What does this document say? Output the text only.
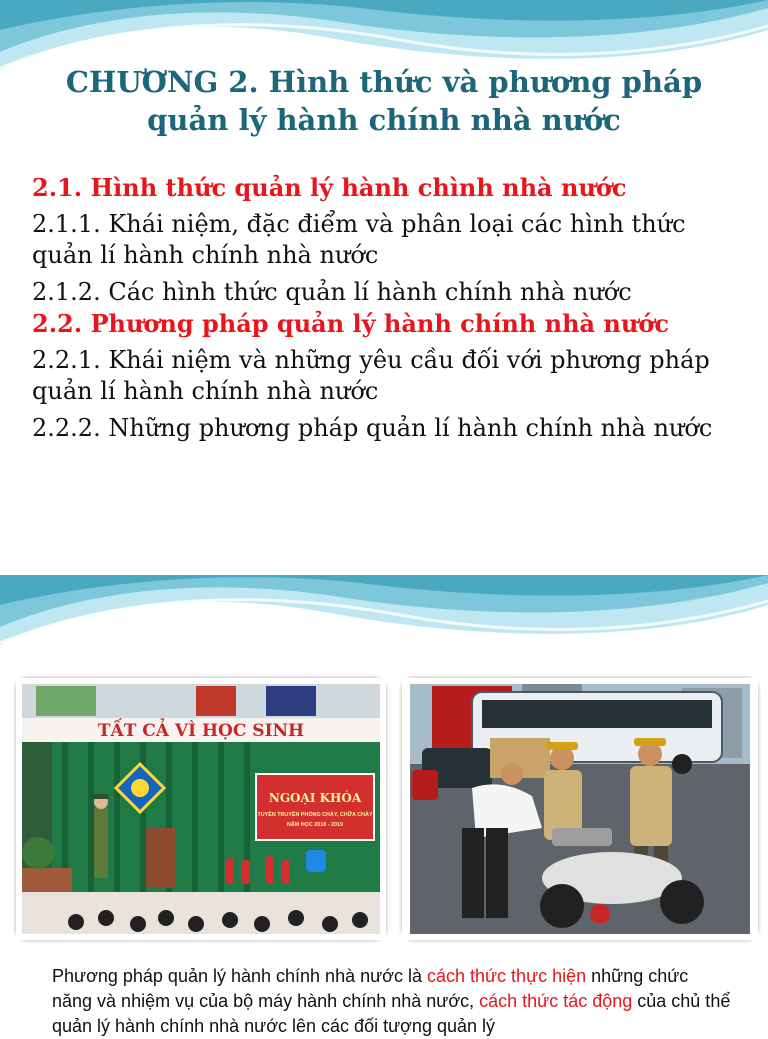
CHƯƠNG 2. Hình thức và phương pháp
quản lý hành chính nhà nước
2.1. Hình thức quản lý hành chình nhà nước
2.1.1. Khái niệm, đặc điểm và phân loại các hình thức
quản lí hành chính nhà nước
2.1.2. Các hình thức quản lí hành chính nhà nước
2.2. Phương pháp quản lý hành chính nhà nước
2.2.1. Khái niệm và những yêu cầu đối với phương pháp
quản lí hành chính nhà nước
2.2.2. Những phương pháp quản lí hành chính nhà nước
TẤT CẢ VÌ HỌC SINH
NGOẠI KHÓA
TUYÊN TRUYỀN PHÒNG CHÁY, CHỮA CHÁY
NĂM HỌC 2018 - 2019
Phương pháp quản lý hành chính nhà nước là cách thức thực hiện những chức năng và nhiệm vụ của bộ máy hành chính nhà nước, cách thức tác động của chủ thể quản lý hành chính nhà nước lên các đối tượng quản lý
